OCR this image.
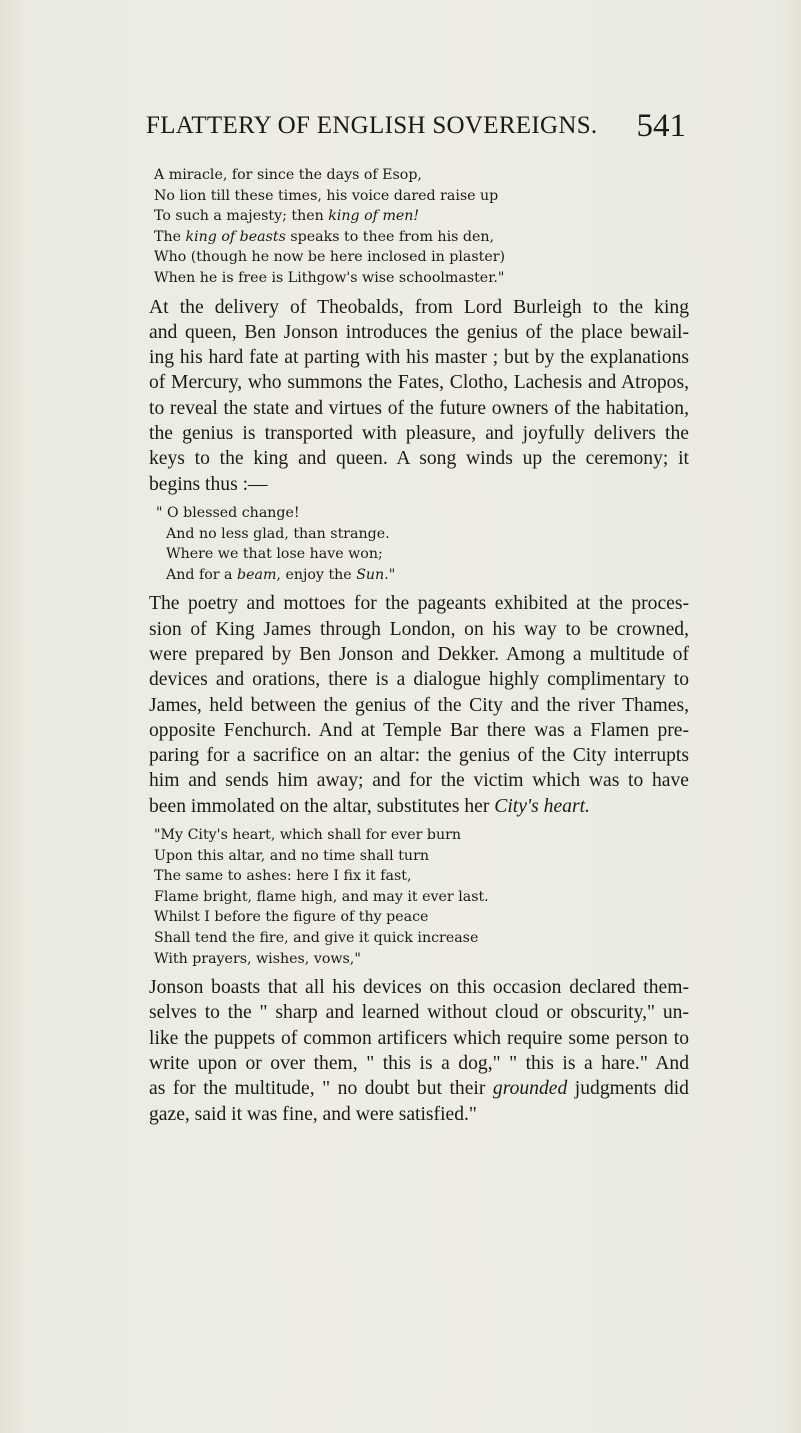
FLATTERY OF ENGLISH SOVEREIGNS. 541
A miracle, for since the days of Esop,
No lion till these times, his voice dared raise up
To such a majesty; then king of men!
The king of beasts speaks to thee from his den,
Who (though he now be here inclosed in plaster)
When he is free is Lithgow's wise schoolmaster."
At the delivery of Theobalds, from Lord Burleigh to the king
and queen, Ben Jonson introduces the genius of the place bewail-
ing his hard fate at parting with his master ; but by the explanations
of Mercury, who summons the Fates, Clotho, Lachesis and Atropos,
to reveal the state and virtues of the future owners of the habitation,
the genius is transported with pleasure, and joyfully delivers the
keys to the king and queen. A song winds up the ceremony; it
begins thus :—
" O blessed change!
And no less glad, than strange.
Where we that lose have won;
And for a beam, enjoy the Sun."
The poetry and mottoes for the pageants exhibited at the proces-
sion of King James through London, on his way to be crowned,
were prepared by Ben Jonson and Dekker. Among a multitude of
devices and orations, there is a dialogue highly complimentary to
James, held between the genius of the City and the river Thames,
opposite Fenchurch. And at Temple Bar there was a Flamen pre-
paring for a sacrifice on an altar: the genius of the City interrupts
him and sends him away; and for the victim which was to have
been immolated on the altar, substitutes her City's heart.
"My City's heart, which shall for ever burn
Upon this altar, and no time shall turn
The same to ashes: here I fix it fast,
Flame bright, flame high, and may it ever last.
Whilst I before the figure of thy peace
Shall tend the fire, and give it quick increase
With prayers, wishes, vows,"
Jonson boasts that all his devices on this occasion declared them-
selves to the " sharp and learned without cloud or obscurity," un-
like the puppets of common artificers which require some person to
write upon or over them, " this is a dog," " this is a hare." And
as for the multitude, " no doubt but their grounded judgments did
gaze, said it was fine, and were satisfied."
